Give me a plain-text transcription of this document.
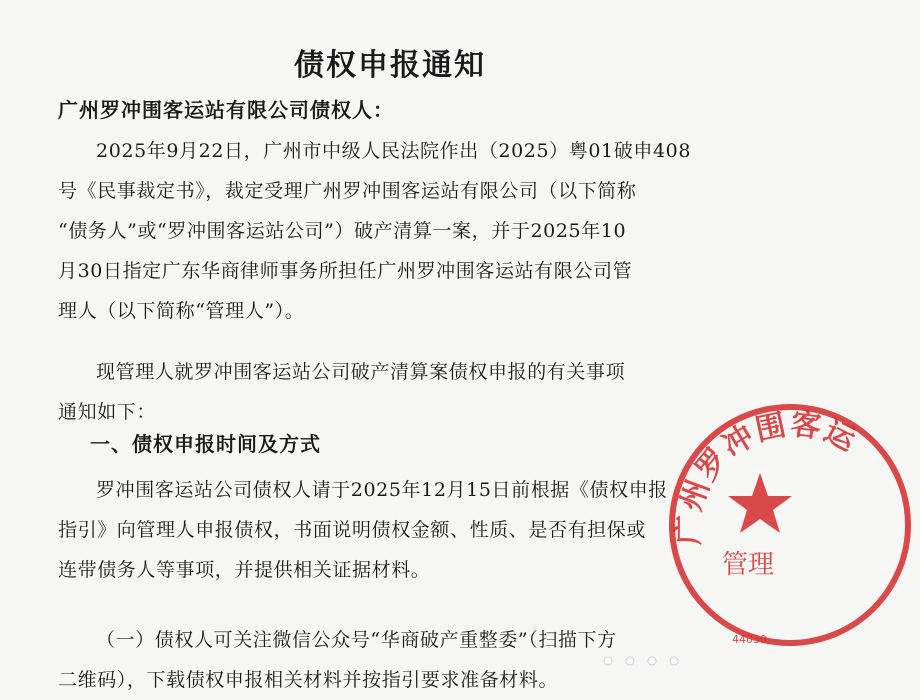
债权申报通知

广州罗冲围客运站有限公司债权人：

2025年9月22日，广州市中级人民法院作出（2025）粤01破申408
号《民事裁定书》，裁定受理广州罗冲围客运站有限公司（以下简称
“债务人”或“罗冲围客运站公司”）破产清算一案，并于2025年10
月30日指定广东华商律师事务所担任广州罗冲围客运站有限公司管
理人（以下简称“管理人”）。
现管理人就罗冲围客运站公司破产清算案债权申报的有关事项
通知如下：
一、债权申报时间及方式
罗冲围客运站公司债权人请于2025年12月15日前根据《债权申报
指引》向管理人申报债权，书面说明债权金额、性质、是否有担保或
连带债务人等事项，并提供相关证据材料。
（一）债权人可关注微信公众号“华商破产重整委”（扫描下方
二维码），下载债权申报相关材料并按指引要求准备材料。
广州罗冲围客运
管理
44030
